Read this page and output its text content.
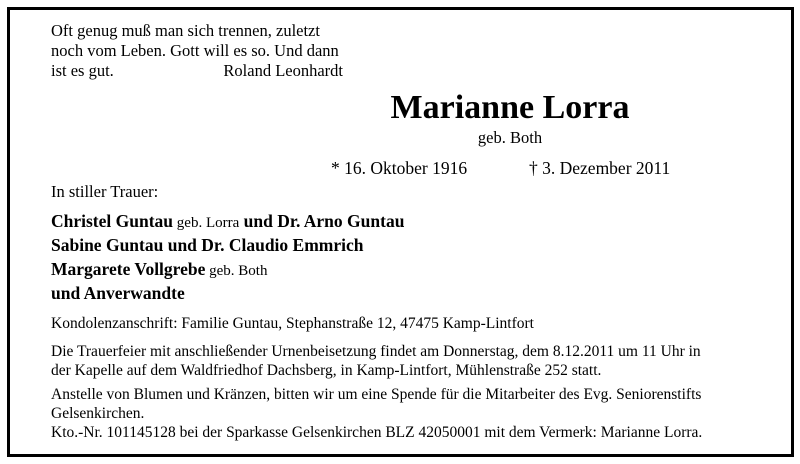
Oft genug muß man sich trennen, zuletzt
noch vom Leben. Gott will es so. Und dann
ist es gut.	Roland Leonhardt
Marianne Lorra
geb. Both
* 16. Oktober 1916	† 3. Dezember 2011
In stiller Trauer:
Christel Guntau geb. Lorra und Dr. Arno Guntau
Sabine Guntau und Dr. Claudio Emmrich
Margarete Vollgrebe geb. Both
und Anverwandte
Kondolenzanschrift: Familie Guntau, Stephanstraße 12, 47475 Kamp-Lintfort
Die Trauerfeier mit anschließender Urnenbeisetzung findet am Donnerstag, dem 8.12.2011 um 11 Uhr in
der Kapelle auf dem Waldfriedhof Dachsberg, in Kamp-Lintfort, Mühlenstraße 252 statt.
Anstelle von Blumen und Kränzen, bitten wir um eine Spende für die Mitarbeiter des Evg. Seniorenstifts
Gelsenkirchen.
Kto.-Nr. 101145128 bei der Sparkasse Gelsenkirchen BLZ 42050001 mit dem Vermerk: Marianne Lorra.
